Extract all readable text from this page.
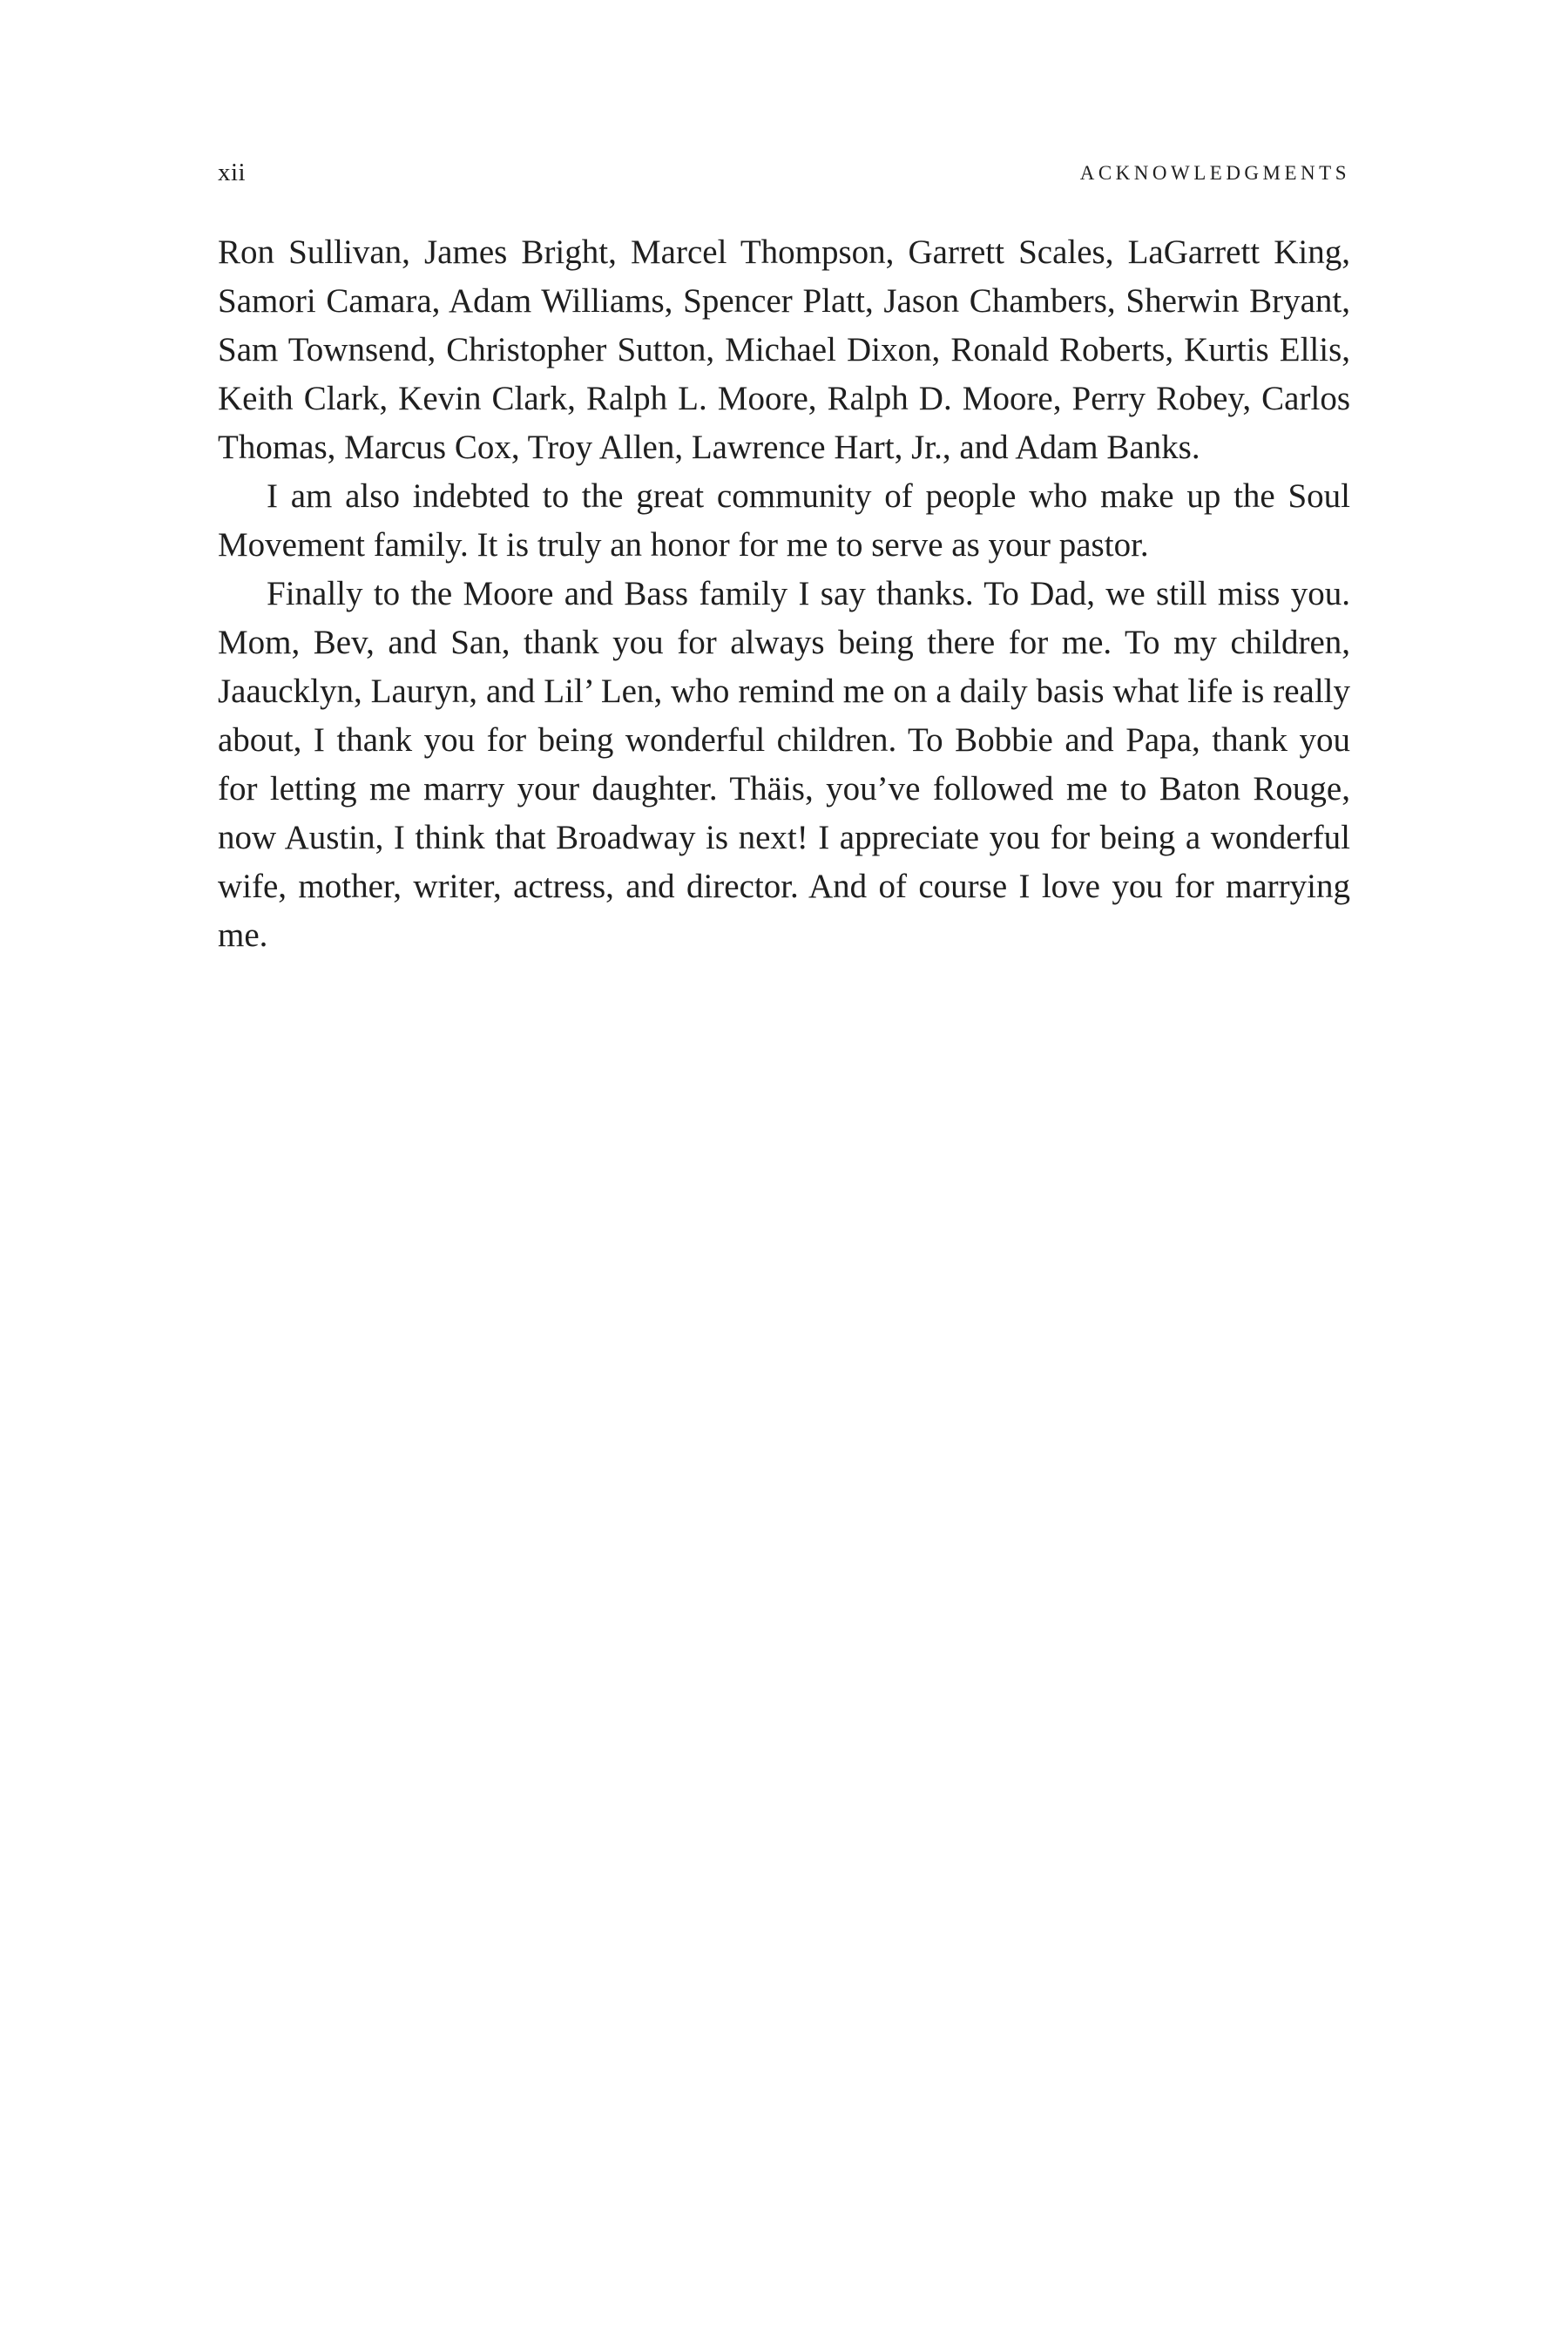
xii	ACKNOWLEDGMENTS

Ron Sullivan, James Bright, Marcel Thompson, Garrett Scales, LaGarrett King, Samori Camara, Adam Williams, Spencer Platt, Jason Chambers, Sherwin Bryant, Sam Townsend, Christopher Sutton, Michael Dixon, Ronald Roberts, Kurtis Ellis, Keith Clark, Kevin Clark, Ralph L. Moore, Ralph D. Moore, Perry Robey, Carlos Thomas, Marcus Cox, Troy Allen, Lawrence Hart, Jr., and Adam Banks.

I am also indebted to the great community of people who make up the Soul Movement family. It is truly an honor for me to serve as your pastor.

Finally to the Moore and Bass family I say thanks. To Dad, we still miss you. Mom, Bev, and San, thank you for always being there for me. To my children, Jaaucklyn, Lauryn, and Lil’ Len, who remind me on a daily basis what life is really about, I thank you for being wonderful children. To Bobbie and Papa, thank you for letting me marry your daughter. Thäis, you’ve followed me to Baton Rouge, now Austin, I think that Broadway is next! I appreciate you for being a wonderful wife, mother, writer, actress, and director. And of course I love you for marrying me.
